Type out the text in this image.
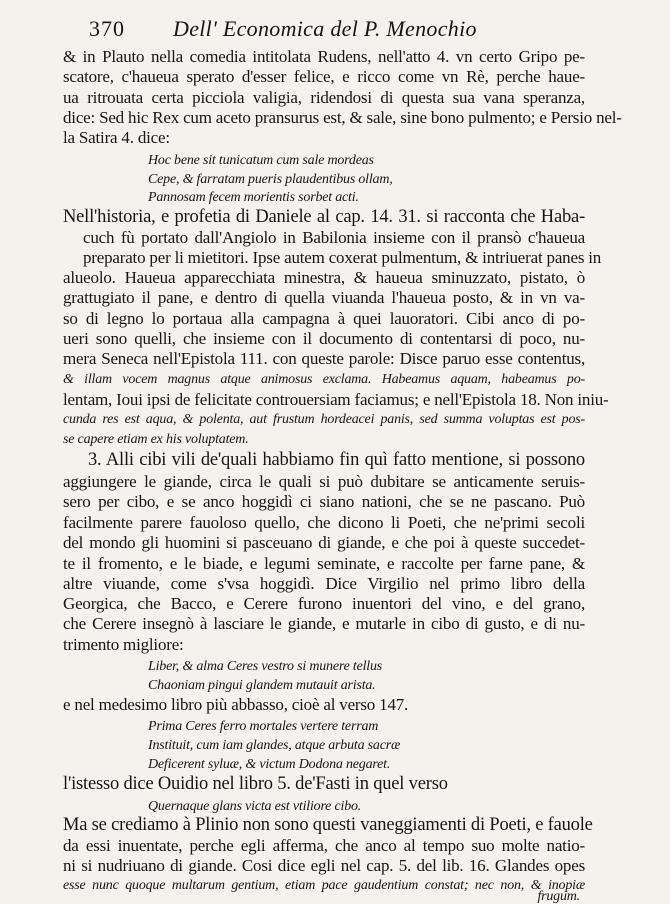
370 Dell' Economica del P. Menochio
& in Plauto nella comedia intitolata Rudens, nell'atto 4. vn certo Gripo pe-
scatore, c'haueua sperato d'esser felice, e ricco come vn Rè, perche haue-
ua ritrouata certa picciola valigia, ridendosi di questa sua vana speranza,
dice: Sed hic Rex cum aceto pransurus est, & sale, sine bono pulmento; e Persio nel-
la Satira 4. dice:
Hoc bene sit tunicatum cum sale mordeas
Cepe, & farratam pueris plaudentibus ollam,
Pannosam fecem morientis sorbet acti.
Nell'historia, e profetia di Daniele al cap. 14. 31. si racconta che Haba-
cuch fù portato dall'Angiolo in Babilonia insieme con il pransò c'haueua
preparato per li mietitori. Ipse autem coxerat pulmentum, & intriuerat panes in
alueolo. Haueua apparecchiata minestra, & haueua sminuzzato, pistato, ò
grattugiato il pane, e dentro di quella viuanda l'haueua posto, & in vn va-
so di legno lo portaua alla campagna à quei lauoratori. Cibi anco di po-
ueri sono quelli, che insieme con il documento di contentarsi di poco, nu-
mera Seneca nell'Epistola 111. con queste parole: Disce paruo esse contentus,
& illam vocem magnus atque animosus exclama. Habeamus aquam, habeamus po-
lentam, Ioui ipsi de felicitate controuersiam faciamus; e nell'Epistola 18. Non iniu-
cunda res est aqua, & polenta, aut frustum hordeacei panis, sed summa voluptas est pos-
se capere etiam ex his voluptatem.
3. Alli cibi vili de'quali habbiamo fin quì fatto mentione, si possono
aggiungere le giande, circa le quali si può dubitare se anticamente seruis-
sero per cibo, e se anco hoggidì ci siano nationi, che se ne pascano. Può
facilmente parere fauoloso quello, che dicono li Poeti, che ne'primi secoli
del mondo gli huomini si pasceuano di giande, e che poi à queste succedet-
te il fromento, e le biade, e legumi seminate, e raccolte per farne pane, &
altre viuande, come s'vsa hoggidì. Dice Virgilio nel primo libro della
Georgica, che Bacco, e Cerere furono inuentori del vino, e del grano,
che Cerere insegnò à lasciare le giande, e mutarle in cibo di gusto, e di nu-
trimento migliore:
Liber, & alma Ceres vestro si munere tellus
Chaoniam pingui glandem mutauit arista.
e nel medesimo libro più abbasso, cioè al verso 147.
Prima Ceres ferro mortales vertere terram
Instituit, cum iam glandes, atque arbuta sacræ
Deficerent syluæ, & victum Dodona negaret.
l'istesso dice Ouidio nel libro 5. de'Fasti in quel verso
Quernaque glans victa est vtiliore cibo.
Ma se crediamo à Plinio non sono questi vaneggiamenti di Poeti, e fauole
da essi inuentate, perche egli afferma, che anco al tempo suo molte natio-
ni si nudriuano di giande. Cosi dice egli nel cap. 5. del lib. 16. Glandes opes
esse nunc quoque multarum gentium, etiam pace gaudentium constat; nec non, & inopiæ
frugum.
